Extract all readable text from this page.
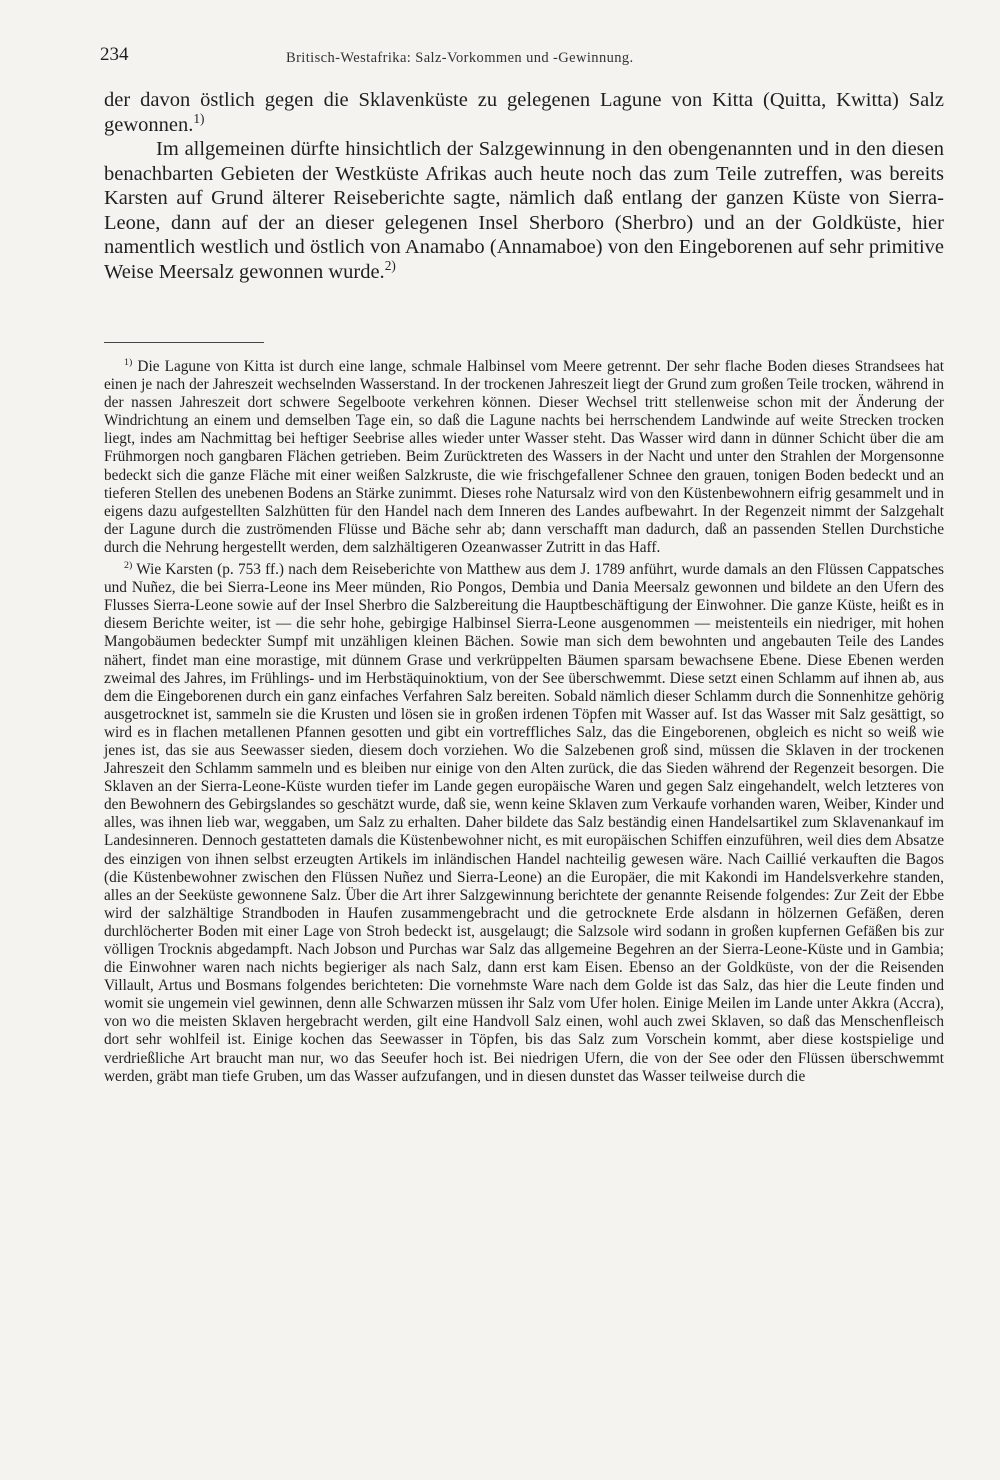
234	Britisch-Westafrika: Salz-Vorkommen und -Gewinnung.

der davon östlich gegen die Sklavenküste zu gelegenen Lagune von Kitta (Quitta, Kwitta) Salz gewonnen.$^{1)}$

Im allgemeinen dürfte hinsichtlich der Salzgewinnung in den obengenannten und in den diesen benachbarten Gebieten der Westküste Afrikas auch heute noch das zum Teile zutreffen, was bereits Karsten auf Grund älterer Reiseberichte sagte, nämlich daß entlang der ganzen Küste von Sierra-Leone, dann auf der an dieser gelegenen Insel Sherboro (Sherbro) und an der Goldküste, hier namentlich westlich und östlich von Anamabo (Annamaboe) von den Eingeborenen auf sehr primitive Weise Meersalz gewonnen wurde.$^{2)}$

$^{1)}$ Die Lagune von Kitta ist durch eine lange, schmale Halbinsel vom Meere getrennt. Der sehr flache Boden dieses Strandsees hat einen je nach der Jahreszeit wechselnden Wasserstand. In der trockenen Jahreszeit liegt der Grund zum großen Teile trocken, während in der nassen Jahreszeit dort schwere Segelboote verkehren können. Dieser Wechsel tritt stellenweise schon mit der Änderung der Windrichtung an einem und demselben Tage ein, so daß die Lagune nachts bei herrschendem Landwinde auf weite Strecken trocken liegt, indes am Nachmittag bei heftiger Seebrise alles wieder unter Wasser steht. Das Wasser wird dann in dünner Schicht über die am Frühmorgen noch gangbaren Flächen getrieben. Beim Zurücktreten des Wassers in der Nacht und unter den Strahlen der Morgensonne bedeckt sich die ganze Fläche mit einer weißen Salzkruste, die wie frischgefallener Schnee den grauen, tonigen Boden bedeckt und an tieferen Stellen des unebenen Bodens an Stärke zunimmt. Dieses rohe Natursalz wird von den Küstenbewohnern eifrig gesammelt und in eigens dazu aufgestellten Salzhütten für den Handel nach dem Inneren des Landes aufbewahrt. In der Regenzeit nimmt der Salzgehalt der Lagune durch die zuströmenden Flüsse und Bäche sehr ab; dann verschafft man dadurch, daß an passenden Stellen Durchstiche durch die Nehrung hergestellt werden, dem salzhältigeren Ozeanwasser Zutritt in das Haff.

$^{2)}$ Wie Karsten (p. 753 ff.) nach dem Reiseberichte von Matthew aus dem J. 1789 anführt, wurde damals an den Flüssen Cappatsches und Nuñez, die bei Sierra-Leone ins Meer münden, Rio Pongos, Dembia und Dania Meersalz gewonnen und bildete an den Ufern des Flusses Sierra-Leone sowie auf der Insel Sherbro die Salzbereitung die Hauptbeschäftigung der Einwohner. Die ganze Küste, heißt es in diesem Berichte weiter, ist — die sehr hohe, gebirgige Halbinsel Sierra-Leone ausgenommen — meistenteils ein niedriger, mit hohen Mangobäumen bedeckter Sumpf mit unzähligen kleinen Bächen. Sowie man sich dem bewohnten und angebauten Teile des Landes nähert, findet man eine morastige, mit dünnem Grase und verkrüppelten Bäumen sparsam bewachsene Ebene. Diese Ebenen werden zweimal des Jahres, im Frühlings- und im Herbstäquinoktium, von der See überschwemmt. Diese setzt einen Schlamm auf ihnen ab, aus dem die Eingeborenen durch ein ganz einfaches Verfahren Salz bereiten. Sobald nämlich dieser Schlamm durch die Sonnenhitze gehörig ausgetrocknet ist, sammeln sie die Krusten und lösen sie in großen irdenen Töpfen mit Wasser auf. Ist das Wasser mit Salz gesättigt, so wird es in flachen metallenen Pfannen gesotten und gibt ein vortreffliches Salz, das die Eingeborenen, obgleich es nicht so weiß wie jenes ist, das sie aus Seewasser sieden, diesem doch vorziehen. Wo die Salzebenen groß sind, müssen die Sklaven in der trockenen Jahreszeit den Schlamm sammeln und es bleiben nur einige von den Alten zurück, die das Sieden während der Regenzeit besorgen. Die Sklaven an der Sierra-Leone-Küste wurden tiefer im Lande gegen europäische Waren und gegen Salz eingehandelt, welch letzteres von den Bewohnern des Gebirgslandes so geschätzt wurde, daß sie, wenn keine Sklaven zum Verkaufe vorhanden waren, Weiber, Kinder und alles, was ihnen lieb war, weggaben, um Salz zu erhalten. Daher bildete das Salz beständig einen Handelsartikel zum Sklavenankauf im Landesinneren. Dennoch gestatteten damals die Küstenbewohner nicht, es mit europäischen Schiffen einzuführen, weil dies dem Absatze des einzigen von ihnen selbst erzeugten Artikels im inländischen Handel nachteilig gewesen wäre. Nach Caillié verkauften die Bagos (die Küstenbewohner zwischen den Flüssen Nuñez und Sierra-Leone) an die Europäer, die mit Kakondi im Handelsverkehre standen, alles an der Seeküste gewonnene Salz. Über die Art ihrer Salzgewinnung berichtete der genannte Reisende folgendes: Zur Zeit der Ebbe wird der salzhältige Strandboden in Haufen zusammengebracht und die getrocknete Erde alsdann in hölzernen Gefäßen, deren durchlöcherter Boden mit einer Lage von Stroh bedeckt ist, ausgelaugt; die Salzsole wird sodann in großen kupfernen Gefäßen bis zur völligen Trocknis abgedampft. Nach Jobson und Purchas war Salz das allgemeine Begehren an der Sierra-Leone-Küste und in Gambia; die Einwohner waren nach nichts begieriger als nach Salz, dann erst kam Eisen. Ebenso an der Goldküste, von der die Reisenden Villault, Artus und Bosmans folgendes berichteten: Die vornehmste Ware nach dem Golde ist das Salz, das hier die Leute finden und womit sie ungemein viel gewinnen, denn alle Schwarzen müssen ihr Salz vom Ufer holen. Einige Meilen im Lande unter Akkra (Accra), von wo die meisten Sklaven hergebracht werden, gilt eine Handvoll Salz einen, wohl auch zwei Sklaven, so daß das Menschenfleisch dort sehr wohlfeil ist. Einige kochen das Seewasser in Töpfen, bis das Salz zum Vorschein kommt, aber diese kostspielige und verdrießliche Art braucht man nur, wo das Seeufer hoch ist. Bei niedrigen Ufern, die von der See oder den Flüssen überschwemmt werden, gräbt man tiefe Gruben, um das Wasser aufzufangen, und in diesen dunstet das Wasser teilweise durch die
